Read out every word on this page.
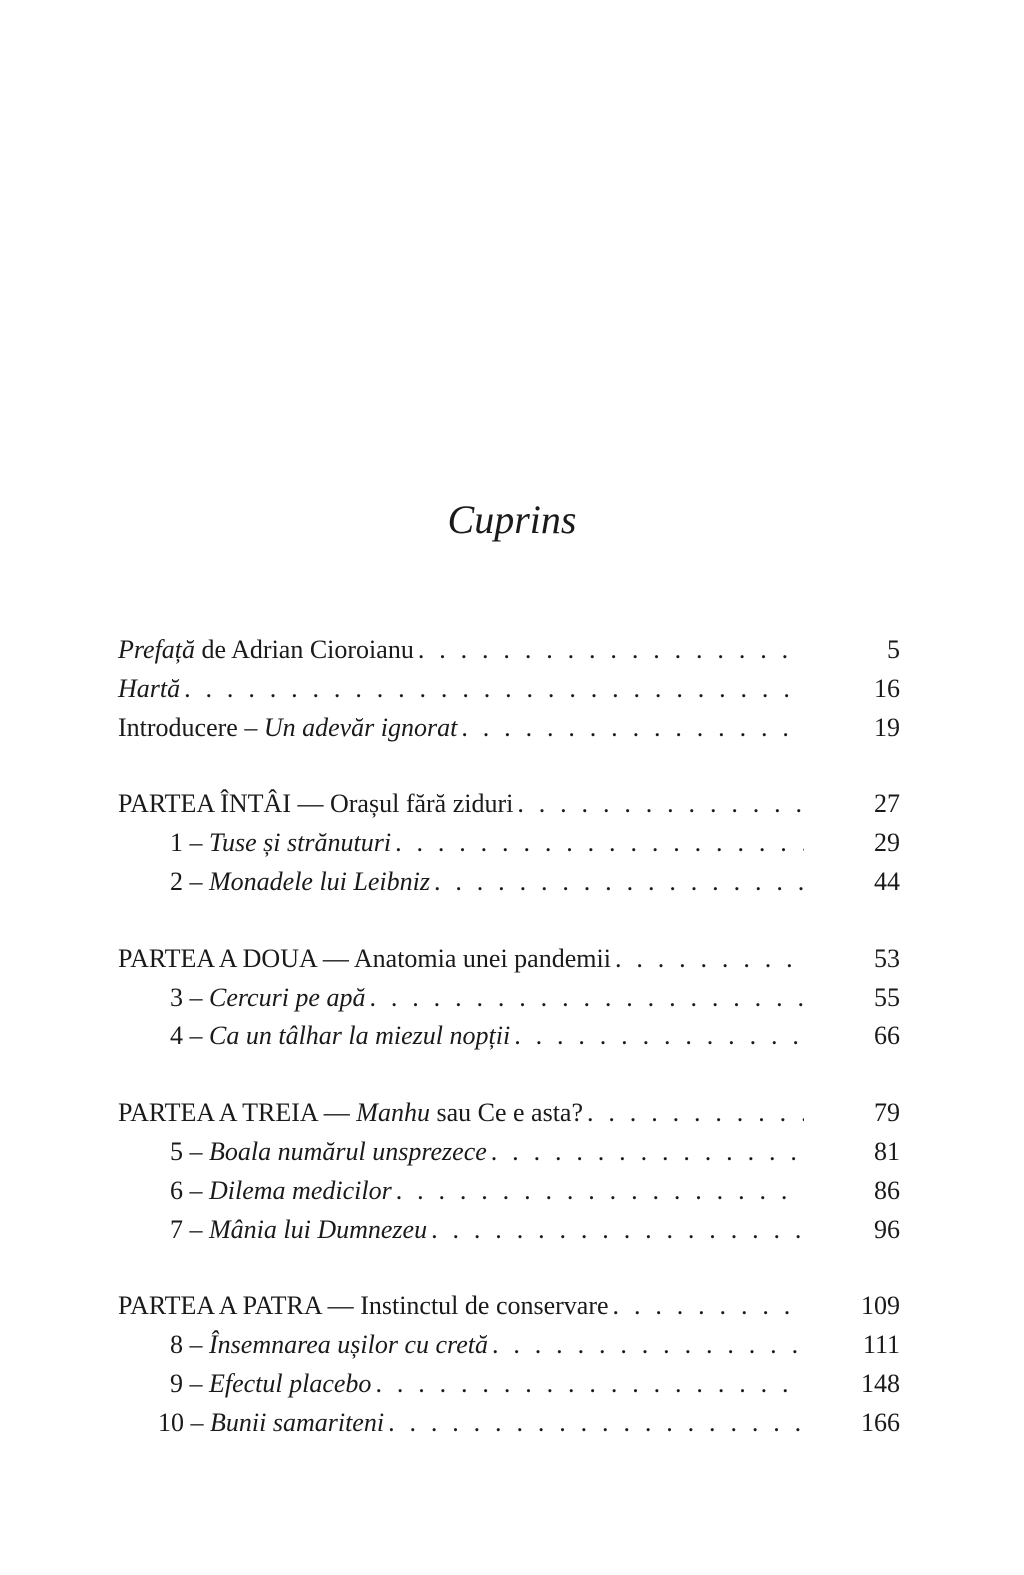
Cuprins
Prefață de Adrian Cioroianu . . .	5
Hartă . . .	16
Introducere – Un adevăr ignorat . . .	19
PARTEA ÎNTÂI — Orașul fără ziduri . . .	27
1 – Tuse și strănuturi . . .	29
2 – Monadele lui Leibniz . . .	44
PARTEA A DOUA — Anatomia unei pandemii . . .	53
3 – Cercuri pe apă . . .	55
4 – Ca un tâlhar la miezul nopții . . .	66
PARTEA A TREIA — Manhu sau Ce e asta? . . .	79
5 – Boala numărul unsprezece . . .	81
6 – Dilema medicilor . . .	86
7 – Mânia lui Dumnezeu . . .	96
PARTEA A PATRA — Instinctul de conservare . . .	109
8 – Însemnarea ușilor cu cretă . . .	111
9 – Efectul placebo . . .	148
10 – Bunii samariteni . . .	166
